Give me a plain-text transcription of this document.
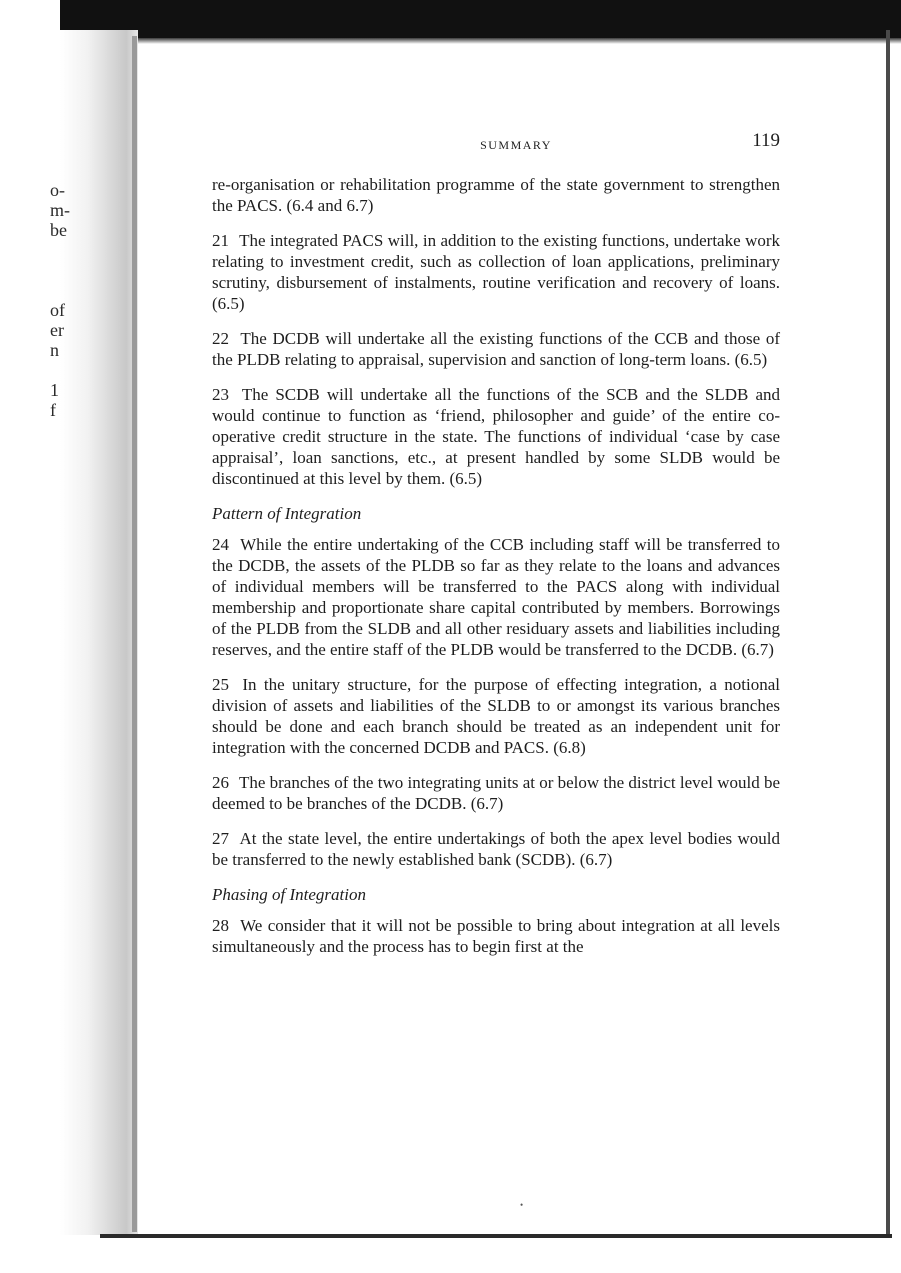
o-
m-
be

of
er
n

1
f
SUMMARY	119

re-organisation or rehabilitation programme of the state government to strengthen the PACS. (6.4 and 6.7)

21 The integrated PACS will, in addition to the existing functions, undertake work relating to investment credit, such as collection of loan applications, preliminary scrutiny, disbursement of instalments, routine verification and recovery of loans. (6.5)

22 The DCDB will undertake all the existing functions of the CCB and those of the PLDB relating to appraisal, supervision and sanction of long-term loans. (6.5)

23 The SCDB will undertake all the functions of the SCB and the SLDB and would continue to function as ‘friend, philosopher and guide’ of the entire co-operative credit structure in the state. The functions of individual ‘case by case appraisal’, loan sanctions, etc., at present handled by some SLDB would be discontinued at this level by them. (6.5)

Pattern of Integration

24 While the entire undertaking of the CCB including staff will be transferred to the DCDB, the assets of the PLDB so far as they relate to the loans and advances of individual members will be transferred to the PACS along with individual membership and proportionate share capital contributed by members. Borrowings of the PLDB from the SLDB and all other residuary assets and liabilities including reserves, and the entire staff of the PLDB would be transferred to the DCDB. (6.7)

25 In the unitary structure, for the purpose of effecting integration, a notional division of assets and liabilities of the SLDB to or amongst its various branches should be done and each branch should be treated as an independent unit for integration with the concerned DCDB and PACS. (6.8)

26 The branches of the two integrating units at or below the district level would be deemed to be branches of the DCDB. (6.7)

27 At the state level, the entire undertakings of both the apex level bodies would be transferred to the newly established bank (SCDB). (6.7)

Phasing of Integration

28 We consider that it will not be possible to bring about integration at all levels simultaneously and the process has to begin first at the

•
